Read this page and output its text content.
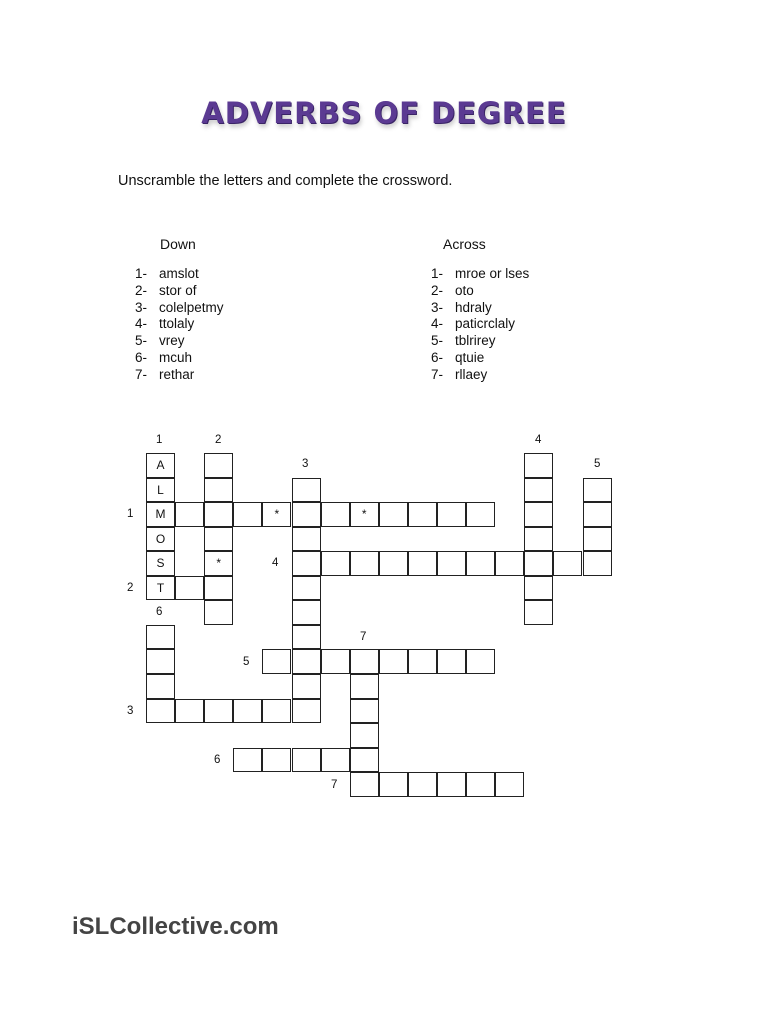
ADVERBS OF DEGREE
Unscramble the letters and complete the crossword.
Down
1- amslot
2- stor of
3- colelpetmy
4- ttolaly
5- vrey
6- mcuh
7- rethar
Across
1- mroe or lses
2- oto
3- hdraly
4- paticrclaly
5- tblrirey
6- qtuie
7- rllaey
1	2
3
4
5
6
7
1
2
3
4
5
6
7
A
L
M
O
S
T
*
*	*
iSLCollective.com
